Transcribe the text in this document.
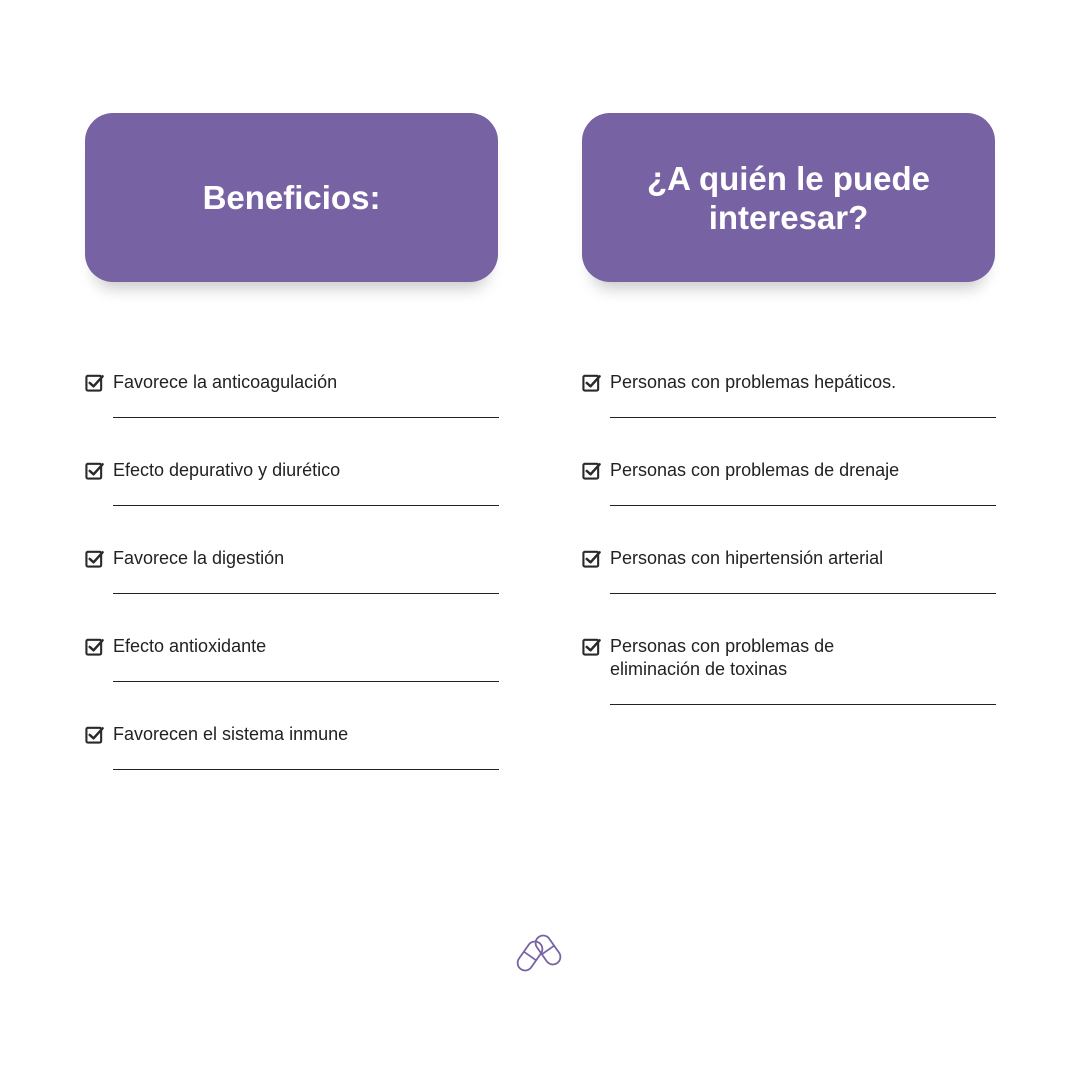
Beneficios:
¿A quién le puede interesar?
Favorece la anticoagulación
Efecto depurativo y diurético
Favorece la digestión
Efecto antioxidante
Favorecen el sistema inmune
Personas con problemas hepáticos.
Personas con problemas de drenaje
Personas con hipertensión arterial
Personas con problemas de eliminación de toxinas
